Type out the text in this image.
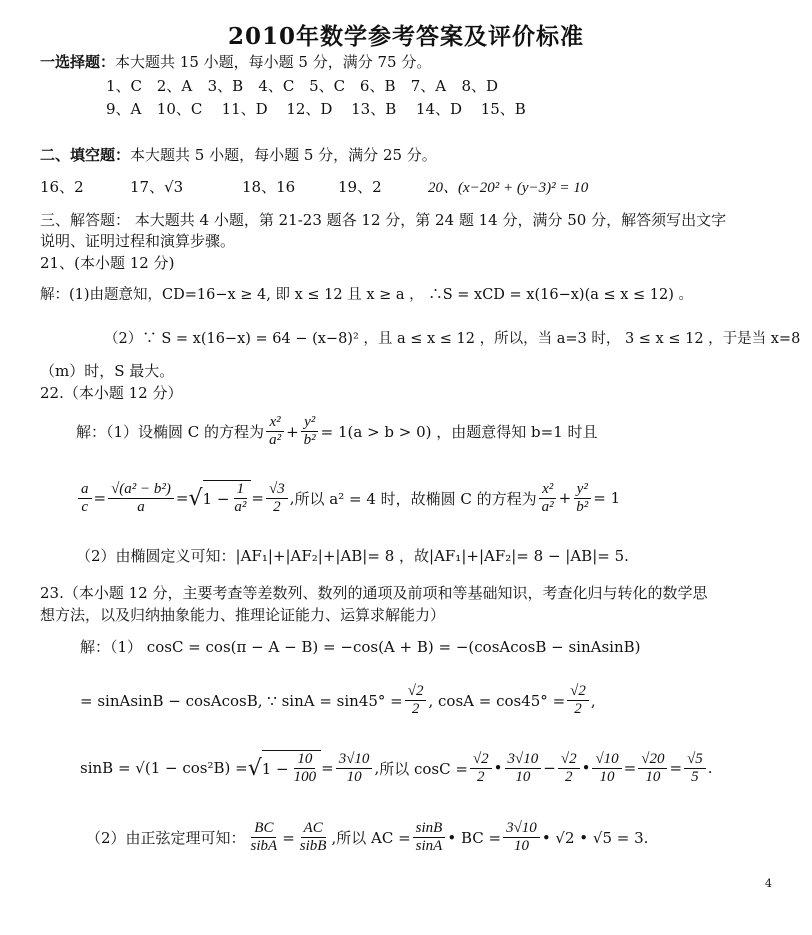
2010年数学参考答案及评价标准
一选择题：本大题共 15 小题，每小题 5 分，满分 75 分。
1、C 2、A 3、B 4、C 5、C 6、B 7、A 8、D
9、A 10、C 11、D 12、D 13、B 14、D 15、B
二、填空题：本大题共 5 小题，每小题 5 分，满分 25 分。
16、2	17、√3	18、16	19、2	20、(x−20² + (y−3)² = 10
三、解答题： 本大题共 4 小题，第 21-23 题各 12 分，第 24 题 14 分，满分 50 分，解答须写出文字
说明、证明过程和演算步骤。
21、(本小题 12 分)
解：(1)由题意知，CD=16−x ≥ 4, 即 x ≤ 12 且 x ≥ a ， ∴S = xCD = x(16−x)(a ≤ x ≤ 12) 。
（2）∵ S = x(16−x) = 64 − (x−8)² ，且 a ≤ x ≤ 12 ，所以，当 a=3 时， 3 ≤ x ≤ 12 ，于是当 x=8
（m）时，S 最大。
22.（本小题 12 分）
解：（1）设椭圆 C 的方程为 $\frac{\text{x²}}{\text{a²}} + \frac{\text{y²}}{\text{b²}} = 1(a > b > 0)$ ，由题意得知 b=1 时且
$\frac{a}{c} = \frac{\text{√(a² − b²)}}{a}$ = √ $1 - \frac{1}{\text{a²}} = \frac{√3}{2}$ , 所以 a² = 4 时，故椭圆 C 的方程为 $\frac{\text{x²}}{\text{a²}} + \frac{\text{y²}}{\text{b²}} = 1$
（2）由椭圆定义可知：|AF₁|+|AF₂|+|AB|= 8 ，故|AF₁|+|AF₂|= 8 − |AB|= 5.
23.（本小题 12 分，主要考查等差数列、数列的通项及前项和等基础知识，考查化归与转化的数学思
想方法，以及归纳抽象能力、推理论证能力、运算求解能力）
解：（1） cosC = cos(π − A − B) = −cos(A + B) = −(cosAcosB − sinAsinB)
= sinAsinB − cosAcosB, ∵ $\sin A = \sin 45^\circ = \frac{√2}{2}$ , $\cos A = \cos 45^\circ = \frac{√2}{2}$ ,
sinB = √(1 − cos²B) = √ $1 - \frac{10}{100} = \frac{3√10}{10}$ , 所以 $\cos C = \frac{√2}{2}$ • $\frac{3√10}{10} - \frac{√2}{2}$ • $\frac{√10}{10} = \frac{√20}{10} = \frac{√5}{5}$ .
（2）由正弦定理可知： $\frac{BC}{\text{sibA}} = \frac{AC}{\text{sibB}}$ , 所以 AC = $\frac{\sin B}{\sin A}$ • BC = $\frac{3√10}{10}$ • √2 • √5 = 3.
4
